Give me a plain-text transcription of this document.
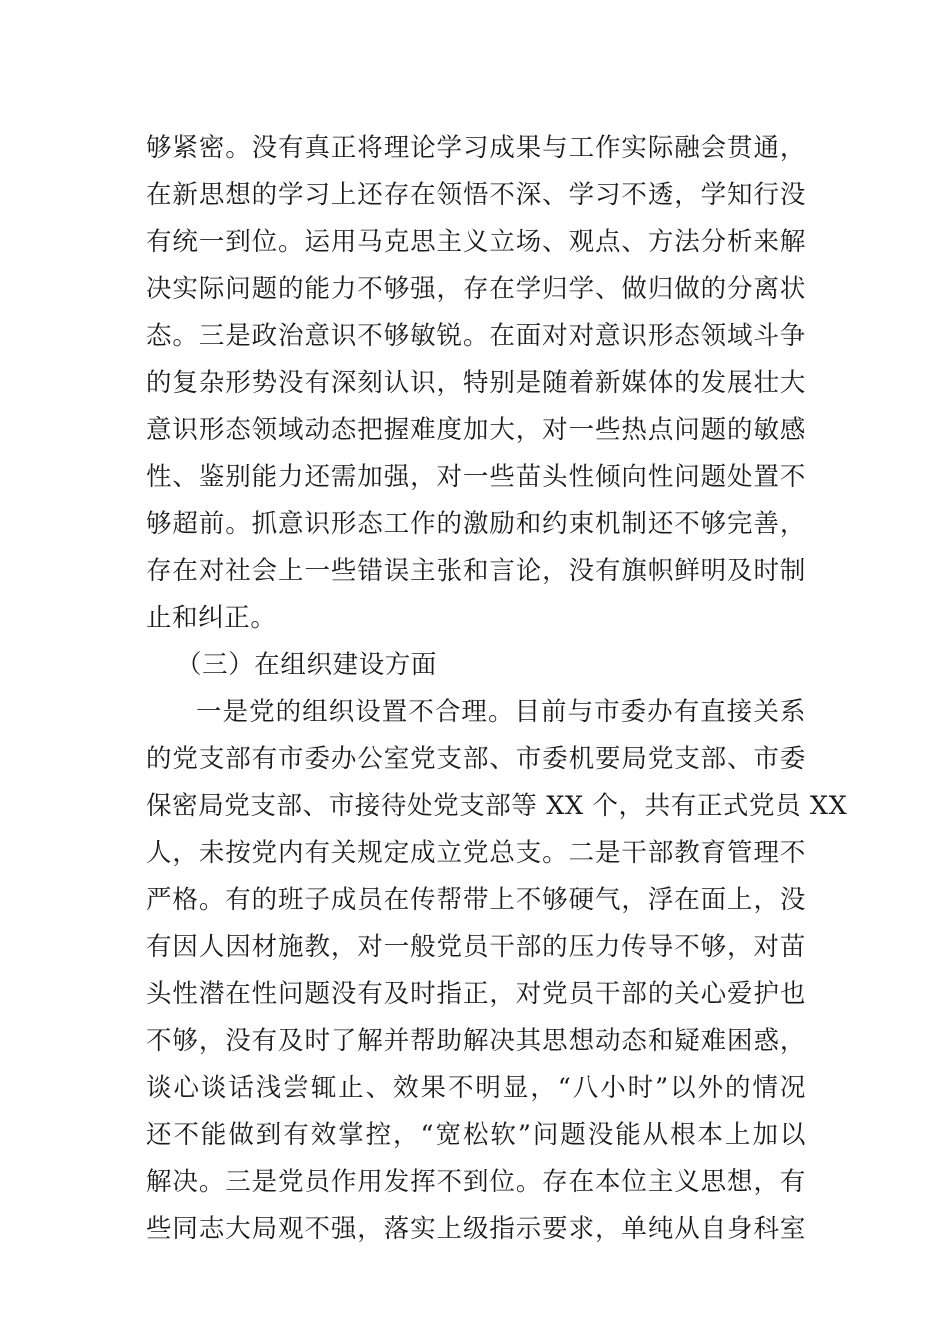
够紧密。没有真正将理论学习成果与工作实际融会贯通，
在新思想的学习上还存在领悟不深、学习不透，学知行没
有统一到位。运用马克思主义立场、观点、方法分析来解
决实际问题的能力不够强，存在学归学、做归做的分离状
态。三是政治意识不够敏锐。在面对对意识形态领域斗争
的复杂形势没有深刻认识，特别是随着新媒体的发展壮大
意识形态领域动态把握难度加大，对一些热点问题的敏感
性、鉴别能力还需加强，对一些苗头性倾向性问题处置不
够超前。抓意识形态工作的激励和约束机制还不够完善，
存在对社会上一些错误主张和言论，没有旗帜鲜明及时制
止和纠正。
（三）在组织建设方面
一是党的组织设置不合理。目前与市委办有直接关系
的党支部有市委办公室党支部、市委机要局党支部、市委
保密局党支部、市接待处党支部等 XX 个，共有正式党员 XX
人，未按党内有关规定成立党总支。二是干部教育管理不
严格。有的班子成员在传帮带上不够硬气，浮在面上，没
有因人因材施教，对一般党员干部的压力传导不够，对苗
头性潜在性问题没有及时指正，对党员干部的关心爱护也
不够，没有及时了解并帮助解决其思想动态和疑难困惑，
谈心谈话浅尝辄止、效果不明显，“八小时”以外的情况
还不能做到有效掌控，“宽松软”问题没能从根本上加以
解决。三是党员作用发挥不到位。存在本位主义思想，有
些同志大局观不强，落实上级指示要求，单纯从自身科室
